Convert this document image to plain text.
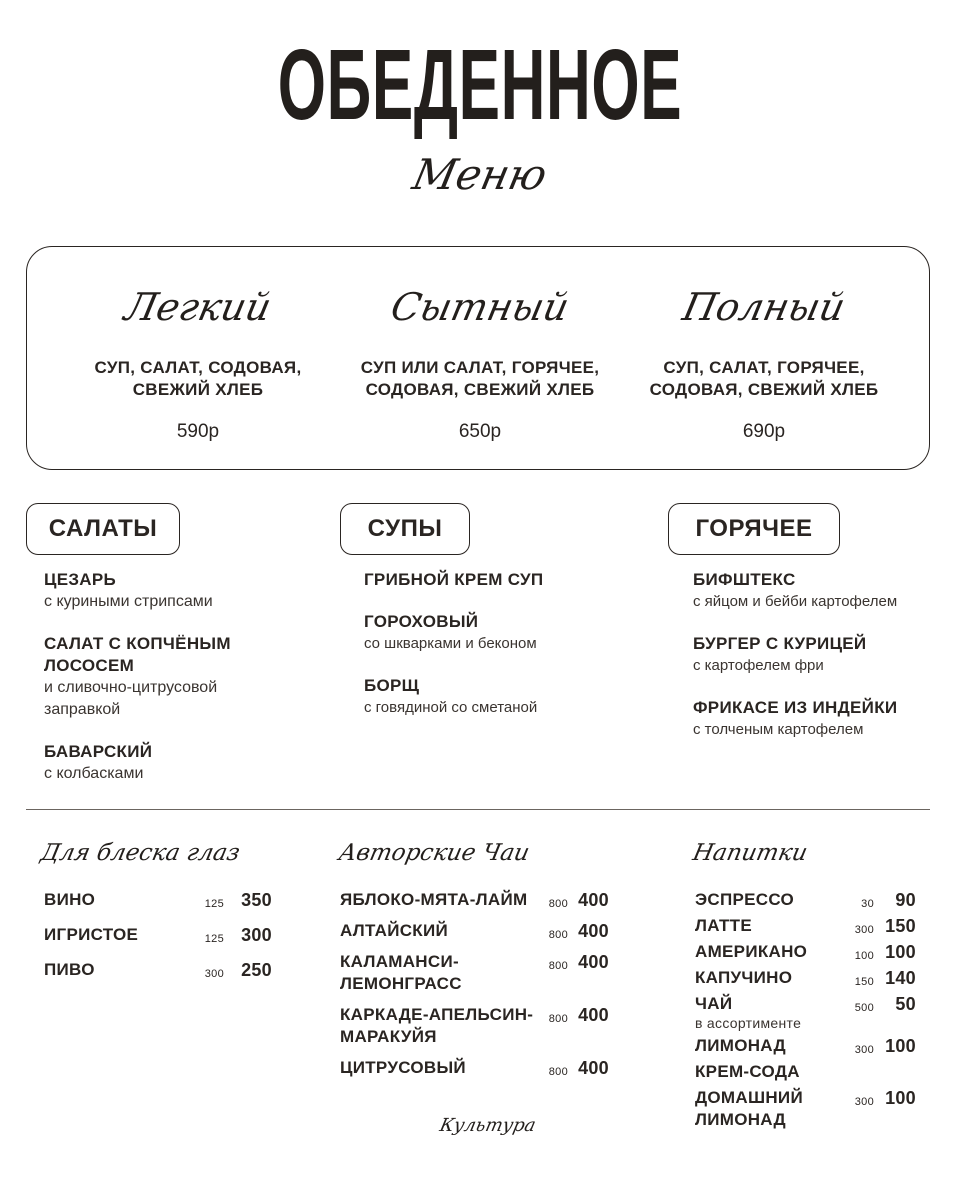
ОБЕДЕННОЕ
Меню
Легкий
СУП, САЛАТ, СОДОВАЯ,
СВЕЖИЙ ХЛЕБ
590р
Сытный
СУП ИЛИ САЛАТ, ГОРЯЧЕЕ,
СОДОВАЯ, СВЕЖИЙ ХЛЕБ
650р
Полный
СУП, САЛАТ, ГОРЯЧЕЕ,
СОДОВАЯ, СВЕЖИЙ ХЛЕБ
690р
САЛАТЫ	СУПЫ	ГОРЯЧЕЕ
ЦЕЗАРЬ
с куриными стрипсами
САЛАТ С КОПЧЁНЫМ
ЛОСОСЕМ
и сливочно-цитрусовой
заправкой
БАВАРСКИЙ
с колбасками
ГРИБНОЙ КРЕМ СУП
ГОРОХОВЫЙ
со шкварками и беконом
БОРЩ
с говядиной со сметаной
БИФШТЕКС
с яйцом и бейби картофелем
БУРГЕР С КУРИЦЕЙ
с картофелем фри
ФРИКАСЕ ИЗ ИНДЕЙКИ
с толченым картофелем
Для блеска глаз	Авторские Чаи	Напитки
ВИНО	125 350
ИГРИСТОЕ	125 300
ПИВО	300 250
ЯБЛОКО-МЯТА-ЛАЙМ	800 400
АЛТАЙСКИЙ	800 400
КАЛАМАНСИ-
ЛЕМОНГРАСС
800 400
КАРКАДЕ-АПЕЛЬСИН-
МАРАКУЙЯ
800 400
ЦИТРУСОВЫЙ	800 400
ЭСПРЕССО	30 90
ЛАТТЕ	300 150
АМЕРИКАНО	100 100
КАПУЧИНО	150 140
ЧАЙ
в ассортименте
500 50
ЛИМОНАД	300 100
КРЕМ-СОДА
ДОМАШНИЙ
ЛИМОНАД
300 100
Культура
